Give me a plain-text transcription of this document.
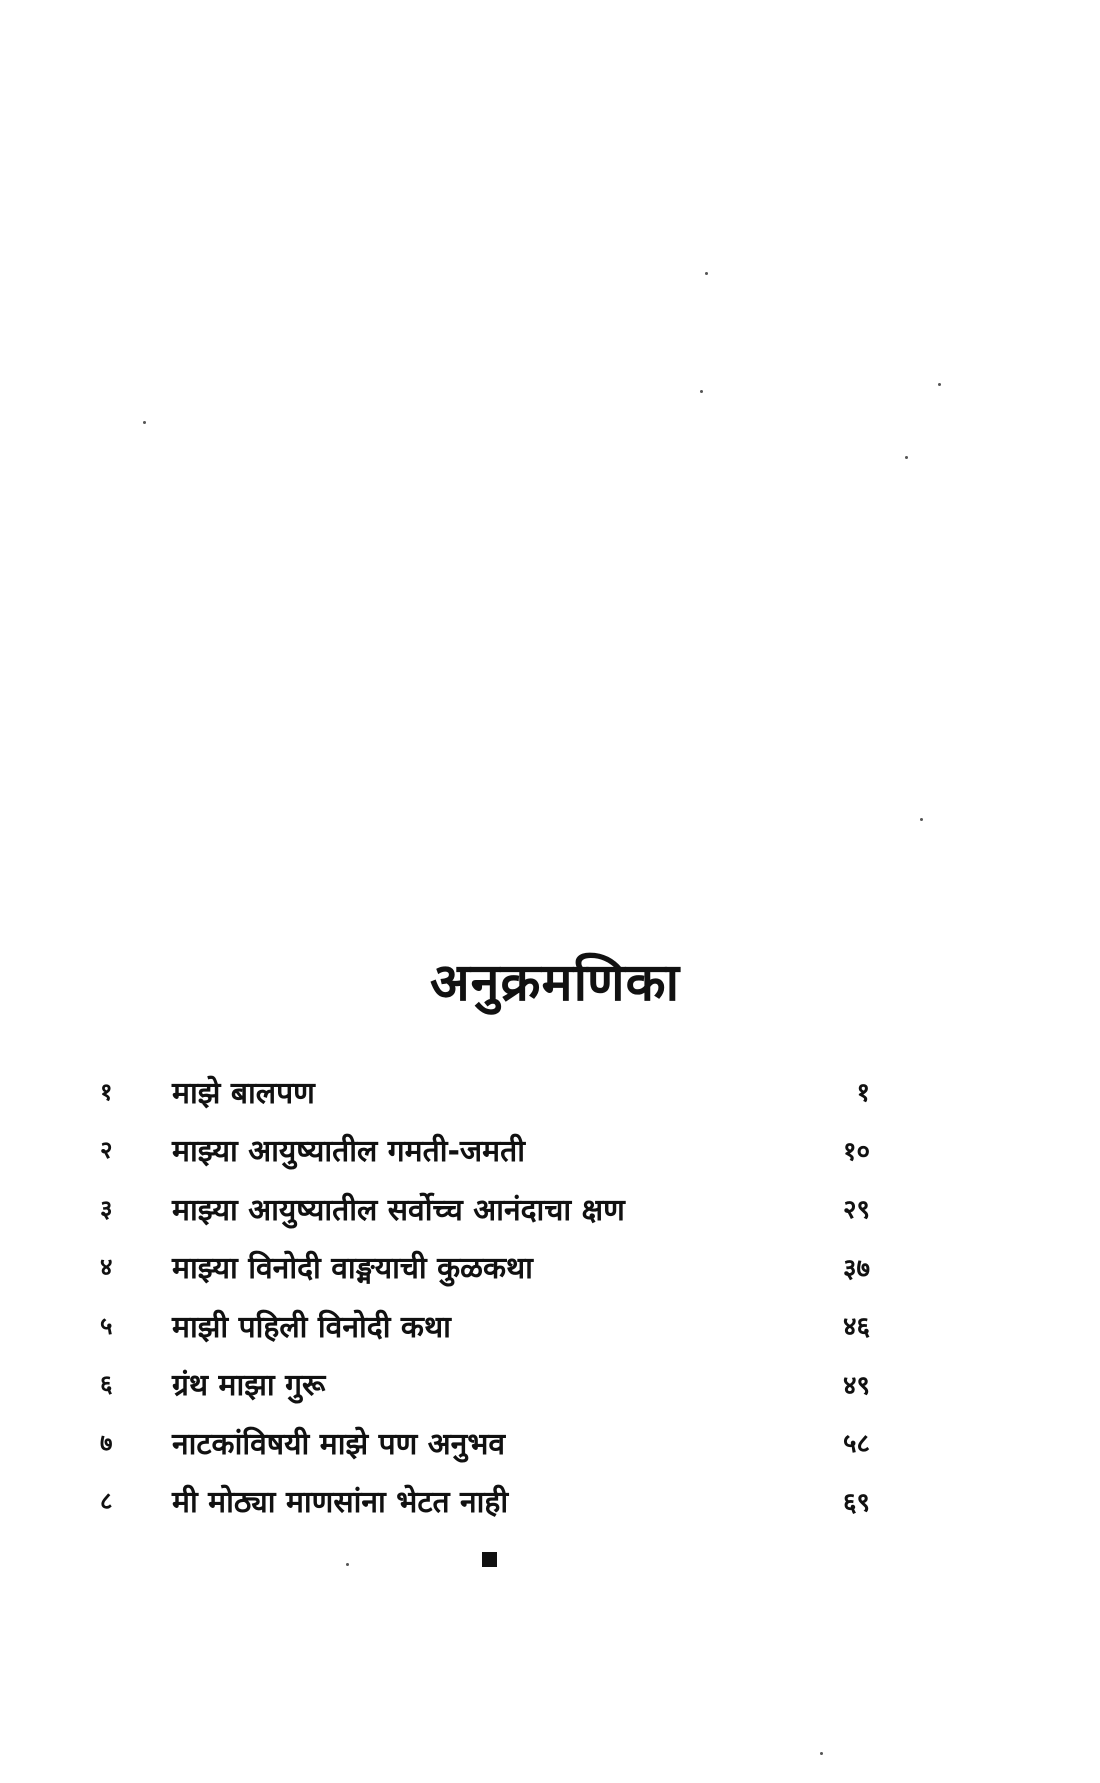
अनुक्रमणिका
१	माझे बालपण	१
२	माझ्या आयुष्यातील गमती-जमती	१०
३	माझ्या आयुष्यातील सर्वोच्च आनंदाचा क्षण	२९
४	माझ्या विनोदी वाङ्मयाची कुळकथा	३७
५	माझी पहिली विनोदी कथा	४६
६	ग्रंथ माझा गुरू	४९
७	नाटकांविषयी माझे पण अनुभव	५८
८	मी मोठ्या माणसांना भेटत नाही	६९
